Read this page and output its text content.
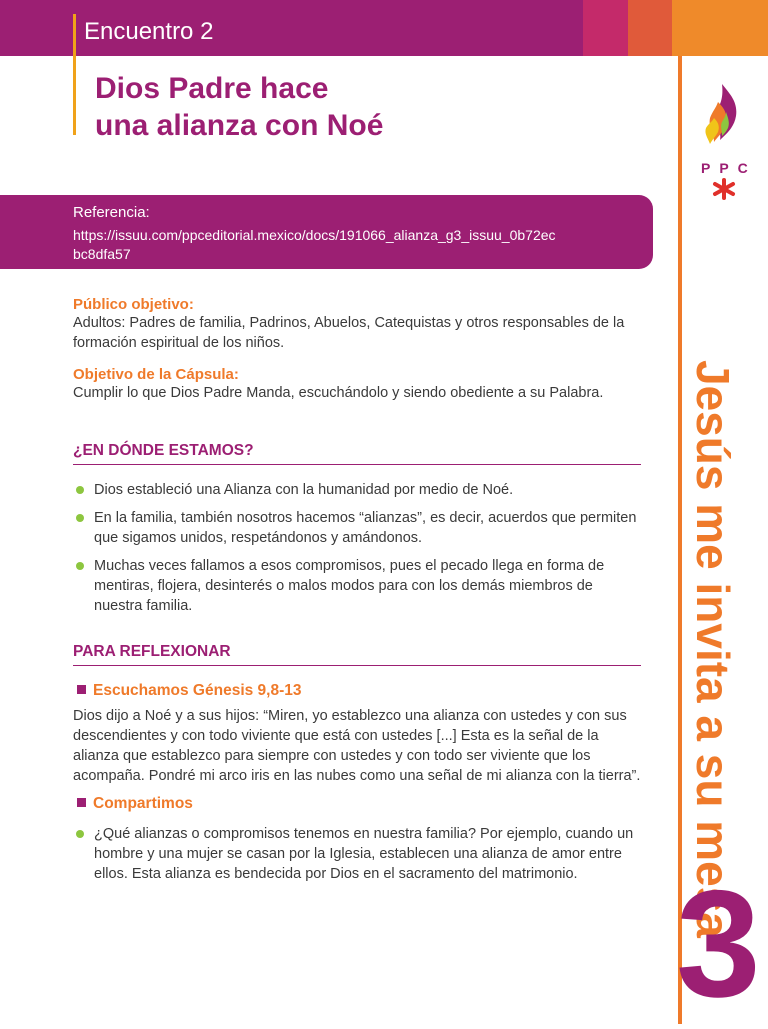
Encuentro 2
Dios Padre hace
una alianza con Noé
PPC
Jesús me invita a su mesa
3
Referencia:
https://issuu.com/ppceditorial.mexico/docs/191066_alianza_g3_issuu_0b72ecbc8dfa57
Público objetivo:
Adultos: Padres de familia, Padrinos, Abuelos, Catequistas y otros responsables de la formación espiritual de los niños.
Objetivo de la Cápsula:
Cumplir lo que Dios Padre Manda, escuchándolo y siendo obediente a su Palabra.
¿EN DÓNDE ESTAMOS?
Dios estableció una Alianza con la humanidad por medio de Noé.
En la familia, también nosotros hacemos “alianzas”, es decir, acuerdos que permiten que sigamos unidos, respetándonos y amándonos.
Muchas veces fallamos a esos compromisos, pues el pecado llega en forma de mentiras, flojera, desinterés o malos modos para con los demás miembros de nuestra familia.
PARA REFLEXIONAR
Escuchamos Génesis 9,8-13
Dios dijo a Noé y a sus hijos: “Miren, yo establezco una alianza con ustedes y con sus descendientes y con todo viviente que está con ustedes [...] Esta es la señal de la alianza que establezco para siempre con ustedes y con todo ser viviente que los acompaña. Pondré mi arco iris en las nubes como una señal de mi alianza con la tierra”.
Compartimos
¿Qué alianzas o compromisos tenemos en nuestra familia? Por ejemplo, cuando un hombre y una mujer se casan por la Iglesia, establecen una alianza de amor entre ellos. Esta alianza es bendecida por Dios en el sacramento del matrimonio.
